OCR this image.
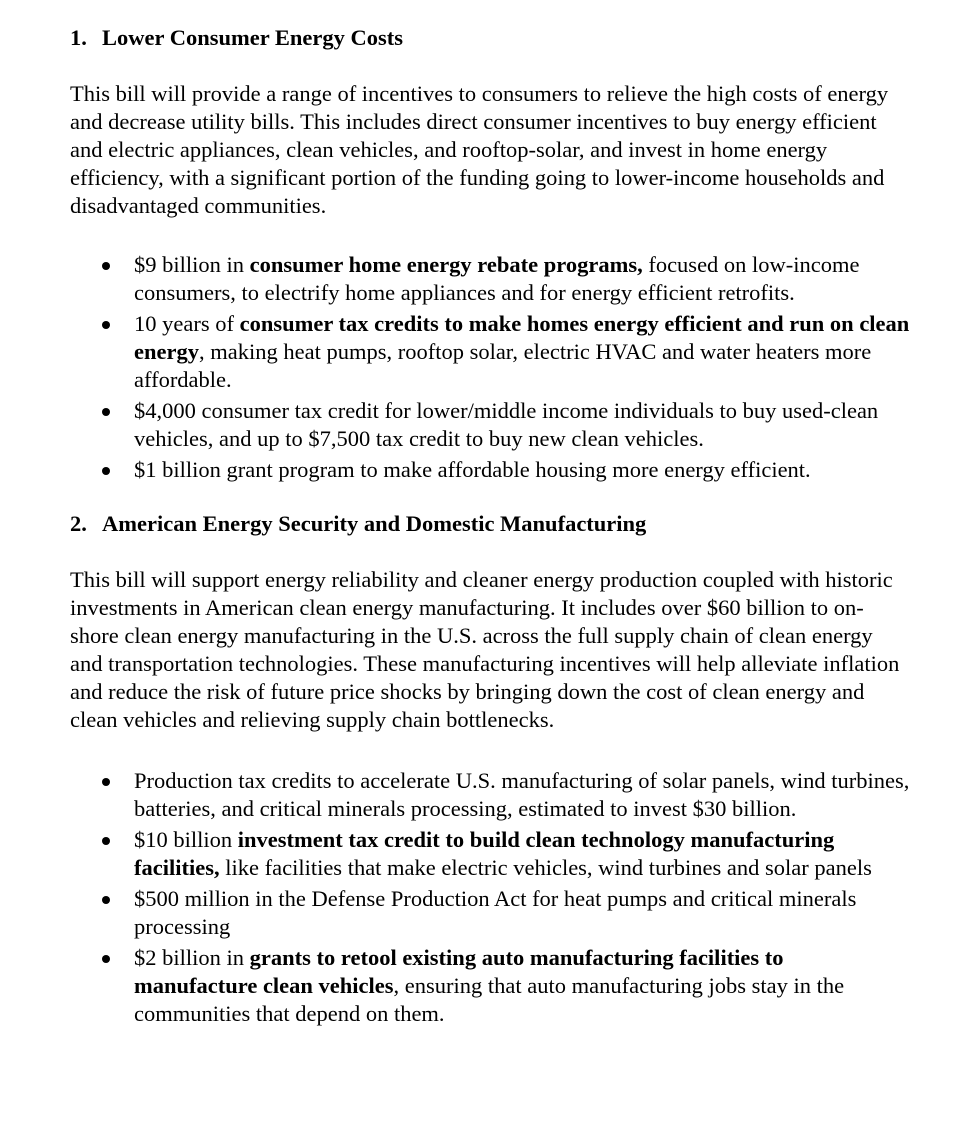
1. Lower Consumer Energy Costs

This bill will provide a range of incentives to consumers to relieve the high costs of energy and decrease utility bills. This includes direct consumer incentives to buy energy efficient and electric appliances, clean vehicles, and rooftop-solar, and invest in home energy efficiency, with a significant portion of the funding going to lower-income households and disadvantaged communities.

$9 billion in consumer home energy rebate programs, focused on low-income consumers, to electrify home appliances and for energy efficient retrofits.
10 years of consumer tax credits to make homes energy efficient and run on clean energy, making heat pumps, rooftop solar, electric HVAC and water heaters more affordable.
$4,000 consumer tax credit for lower/middle income individuals to buy used-clean vehicles, and up to $7,500 tax credit to buy new clean vehicles.
$1 billion grant program to make affordable housing more energy efficient.
2. American Energy Security and Domestic Manufacturing

This bill will support energy reliability and cleaner energy production coupled with historic investments in American clean energy manufacturing. It includes over $60 billion to on-shore clean energy manufacturing in the U.S. across the full supply chain of clean energy and transportation technologies. These manufacturing incentives will help alleviate inflation and reduce the risk of future price shocks by bringing down the cost of clean energy and clean vehicles and relieving supply chain bottlenecks.

Production tax credits to accelerate U.S. manufacturing of solar panels, wind turbines, batteries, and critical minerals processing, estimated to invest $30 billion.
$10 billion investment tax credit to build clean technology manufacturing facilities, like facilities that make electric vehicles, wind turbines and solar panels
$500 million in the Defense Production Act for heat pumps and critical minerals processing
$2 billion in grants to retool existing auto manufacturing facilities to manufacture clean vehicles, ensuring that auto manufacturing jobs stay in the communities that depend on them.
